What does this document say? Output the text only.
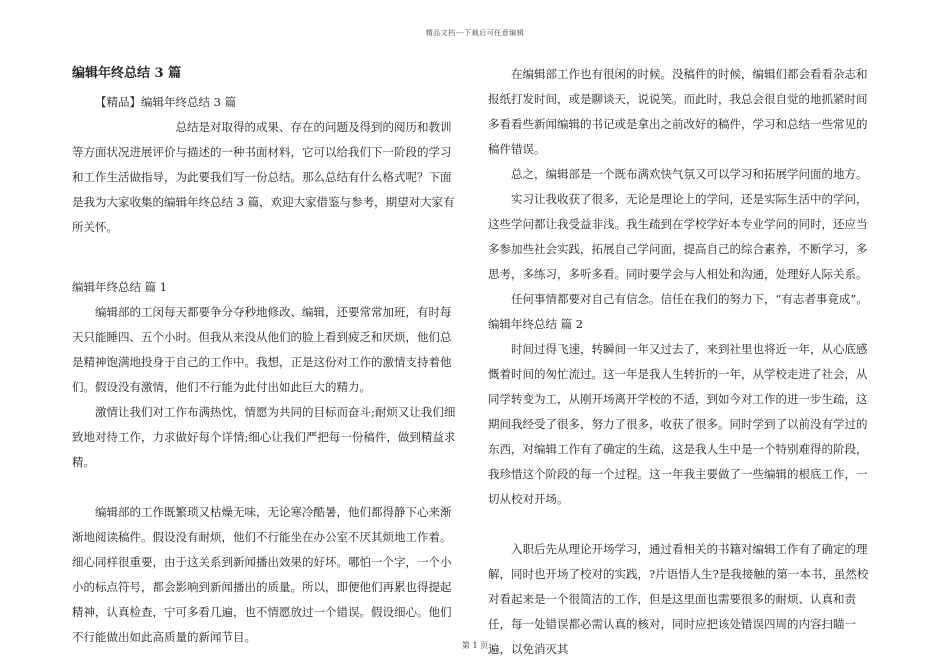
精品文档---下载后可任意编辑

编辑年终总结 3 篇

【精品】编辑年终总结 3 篇

总结是对取得的成果、存在的问题及得到的阅历和教训等方面状况进展评价与描述的一种书面材料，它可以给我们下一阶段的学习和工作生活做指导，为此要我们写一份总结。那么总结有什么格式呢？下面是我为大家收集的编辑年终总结 3 篇，欢迎大家借鉴与参考，期望对大家有所关怀。

编辑年终总结 篇 1

编辑部的工闵每天都要争分夺秒地修改、编辑，还要常常加班，有时每天只能睡四、五个小时。但我从来没从他们的脸上看到疲乏和厌烦，他们总是精神饱满地投身于自己的工作中。我想，正是这份对工作的激情支持着他们。假设没有激情，他们不行能为此付出如此巨大的精力。

激情让我们对工作布满热忱，情愿为共同的目标而奋斗;耐烦又让我们细致地对待工作，力求做好每个详情;细心让我们严把每一份稿件，做到精益求精。

编辑部的工作既繁琐又枯燥无味，无论寒冷酷暑，他们都得静下心来渐渐地阅读稿件。假设没有耐烦，他们不行能坐在办公室不厌其烦地工作着。细心同样很重要，由于这关系到新闻播出效果的好坏。哪怕一个字，一个小小的标点符号，都会影响到新闻播出的质量。所以，即便他们再累也得提起精神，认真检查，宁可多看几遍，也不情愿放过一个错误。假设细心。他们不行能做出如此高质量的新闻节目。

在编辑部工作也有很闲的时候。没稿件的时候，编辑们都会看看杂志和报纸打发时间，或是聊谈天，说说笑。而此时，我总会很自觉的地抓紧时间多看看些新闻编辑的书记或是拿出之前改好的稿件，学习和总结一些常见的稿件错误。

总之，编辑部是一个既布满欢快气氛又可以学习和拓展学问面的地方。

实习让我收获了很多，无论是理论上的学问，还是实际生活中的学问，这些学问都让我受益非浅。我生疏到在学校学好本专业学问的同时，还应当多参加些社会实践，拓展自己学问面，提高自己的综合素养，不断学习，多思考，多练习，多听多看。同时要学会与人相处和沟通，处理好人际关系。

任何事情都要对自己有信念。信任在我们的努力下，“有志者事竟成”。

编辑年终总结 篇 2

时间过得飞速，转瞬间一年又过去了，来到社里也将近一年，从心底感慨着时间的匆忙流过。这一年是我人生转折的一年，从学校走进了社会，从同学转变为工，从刚开场离开学校的不适，到如今对工作的进一步生疏，这期间我经受了很多，努力了很多，收获了很多。同时学到了以前没有学过的东西，对编辑工作有了确定的生疏，这是我人生中是一个特别难得的阶段，我珍惜这个阶段的每一个过程。这一年我主要做了一些编辑的根底工作，一切从校对开场。

入职后先从理论开场学习，通过看相关的书籍对编辑工作有了确定的理解，同时也开场了校对的实践，?片语悟人生?是我接触的第一本书，虽然校对看起来是一个很简洁的工作，但是这里面也需要很多的耐烦、认真和责任，每一处错误都必需认真的核对，同时应把该处错误四周的内容扫瞄一遍，以免消灭其

第 1 页
